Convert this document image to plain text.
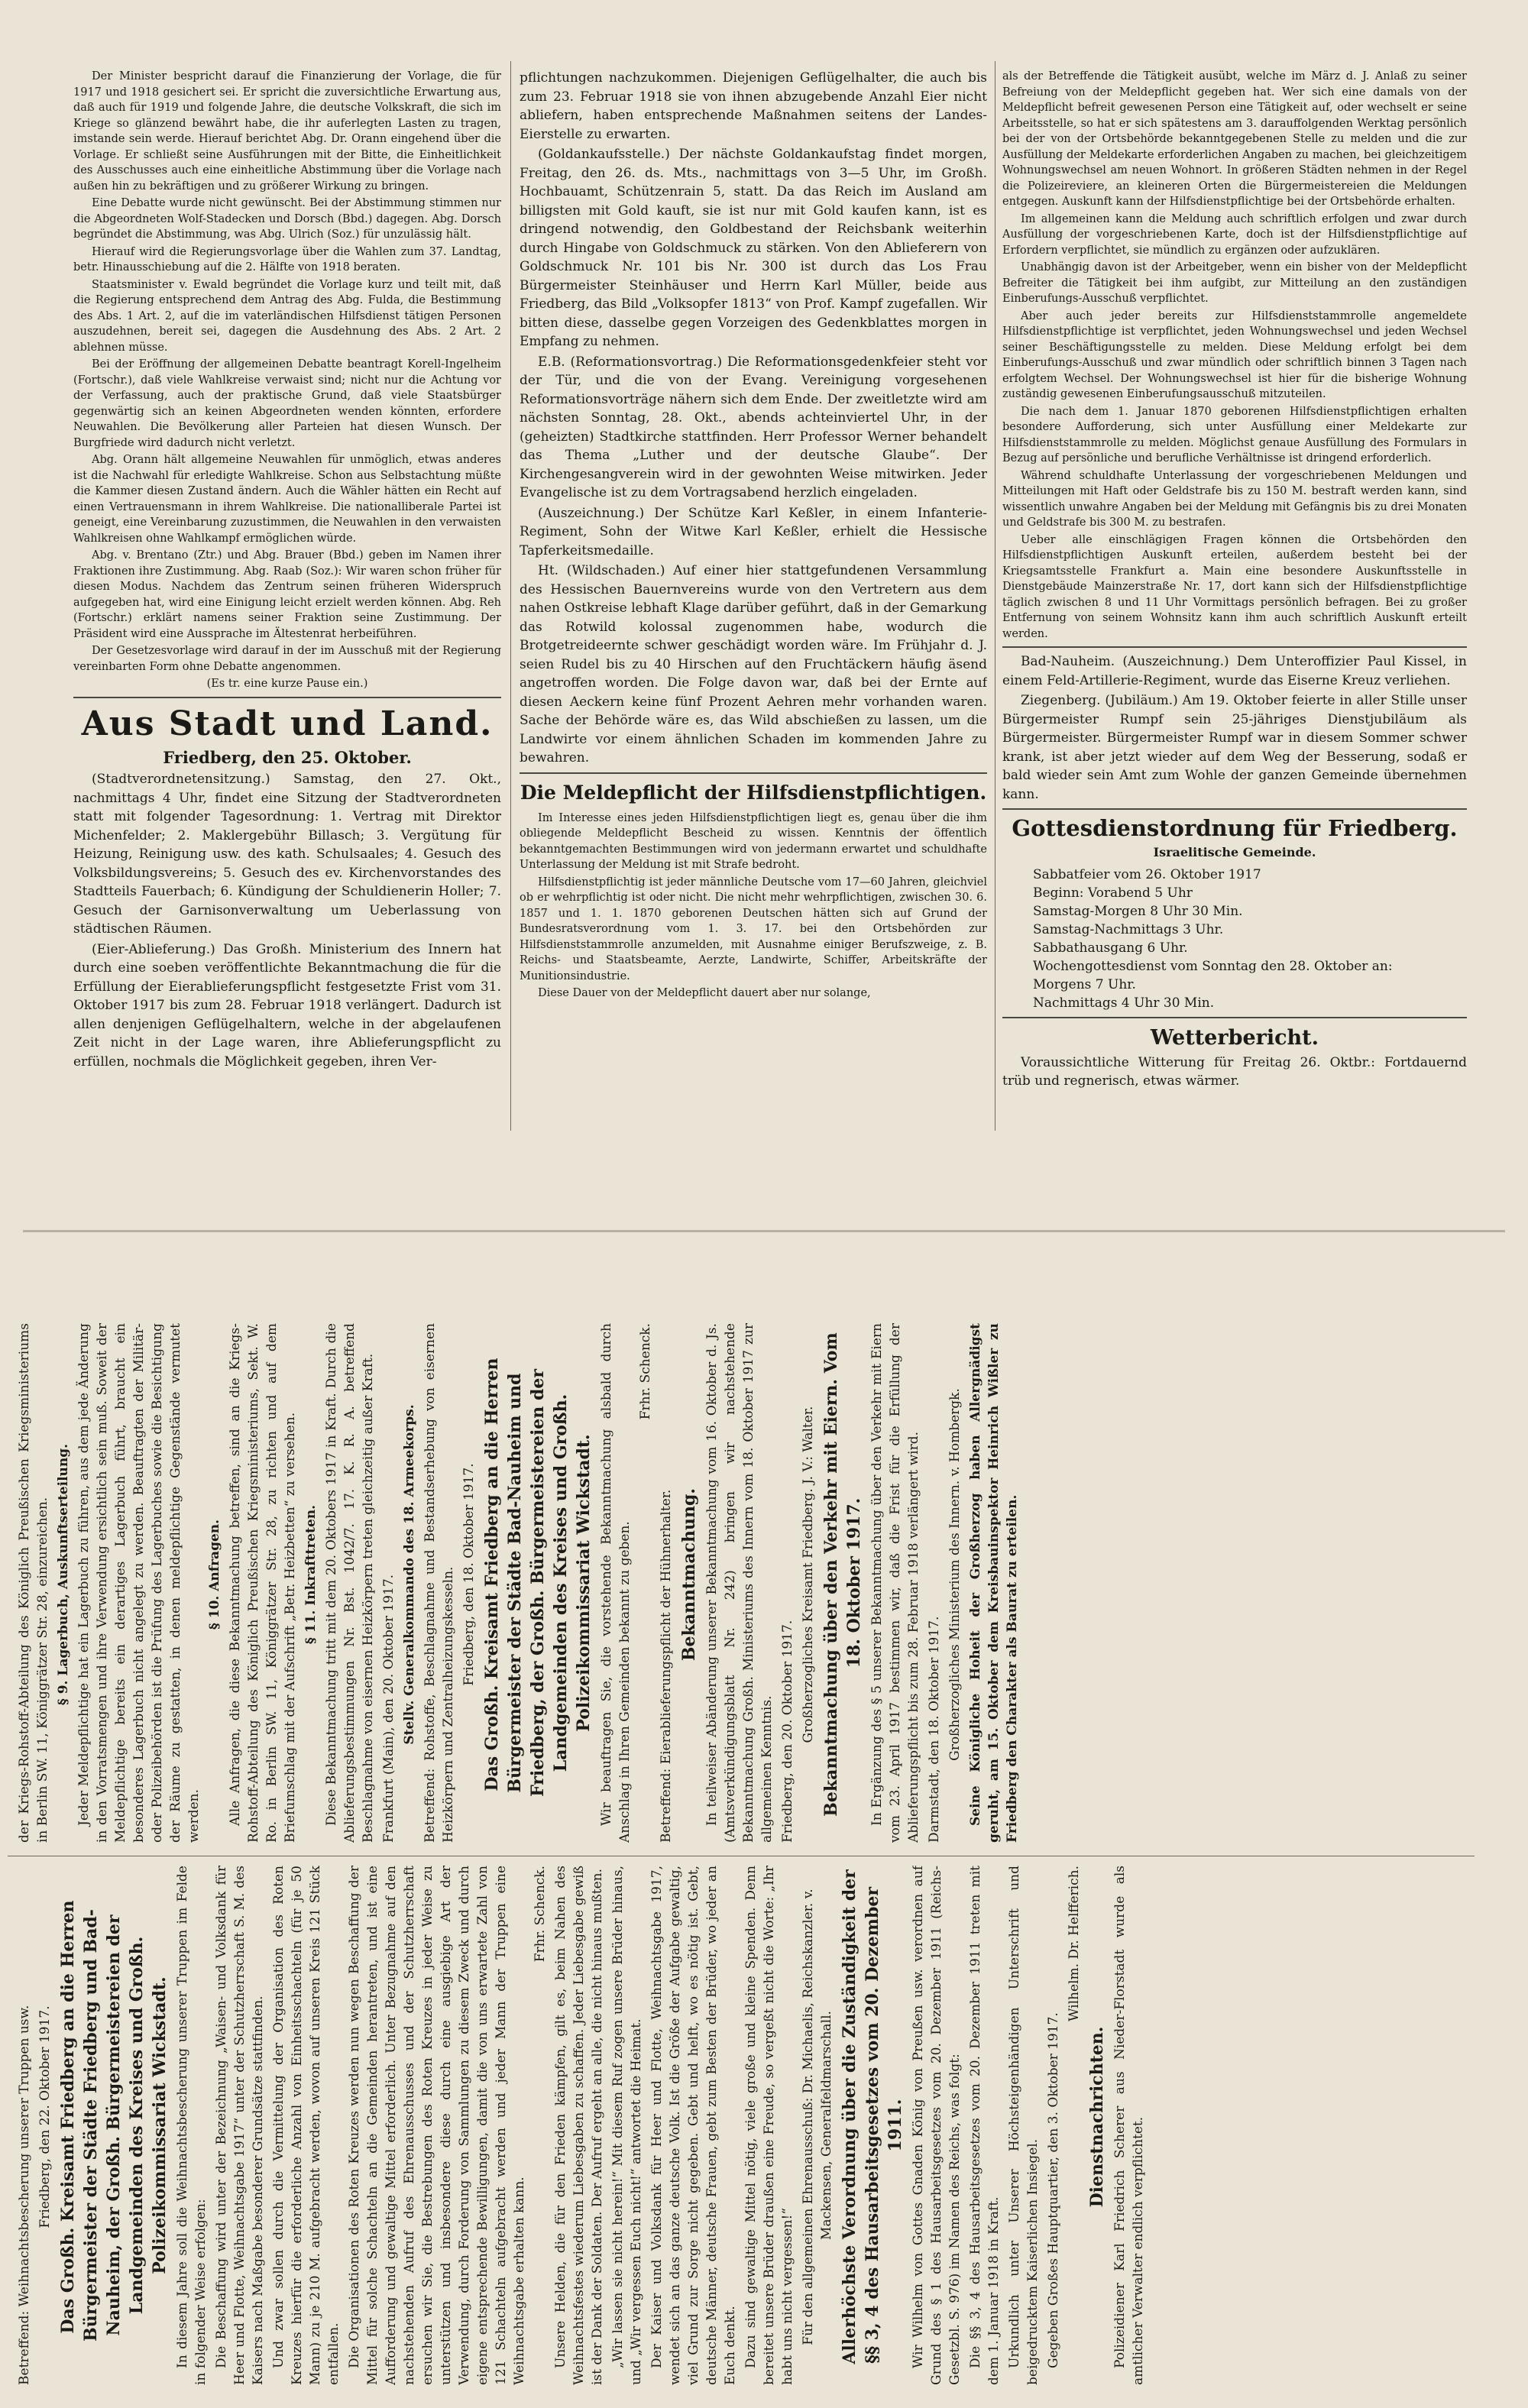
Der Minister bespricht darauf die Finanzierung der Vorlage, die für 1917 und 1918 gesichert sei. Er spricht die zuversichtliche Erwartung aus, daß auch für 1919 und folgende Jahre, die deutsche Volkskraft, die sich im Kriege so glänzend bewährt habe, die ihr auferlegten Lasten zu tragen, imstande sein werde. Hierauf berichtet Abg. Dr. Orann eingehend über die Vorlage. Er schließt seine Ausführungen mit der Bitte, die Einheitlichkeit des Ausschusses auch eine einheitliche Abstimmung über die Vorlage nach außen hin zu bekräftigen und zu größerer Wirkung zu bringen.

Eine Debatte wurde nicht gewünscht. Bei der Abstimmung stimmen nur die Abgeordneten Wolf-Stadecken und Dorsch (Bbd.) dagegen. Abg. Dorsch begründet die Abstimmung, was Abg. Ulrich (Soz.) für unzulässig hält.

Hierauf wird die Regierungsvorlage über die Wahlen zum 37. Landtag, betr. Hinausschiebung auf die 2. Hälfte von 1918 beraten.

Staatsminister v. Ewald begründet die Vorlage kurz und teilt mit, daß die Regierung entsprechend dem Antrag des Abg. Fulda, die Bestimmung des Abs. 1 Art. 2, auf die im vaterländischen Hilfsdienst tätigen Personen auszudehnen, bereit sei, dagegen die Ausdehnung des Abs. 2 Art. 2 ablehnen müsse.

Bei der Eröffnung der allgemeinen Debatte beantragt Korell-Ingelheim (Fortschr.), daß viele Wahlkreise verwaist sind; nicht nur die Achtung vor der Verfassung, auch der praktische Grund, daß viele Staatsbürger gegenwärtig sich an keinen Abgeordneten wenden könnten, erfordere Neuwahlen. Die Bevölkerung aller Parteien hat diesen Wunsch. Der Burgfriede wird dadurch nicht verletzt.

Abg. Orann hält allgemeine Neuwahlen für unmöglich, etwas anderes ist die Nachwahl für erledigte Wahlkreise. Schon aus Selbstachtung müßte die Kammer diesen Zustand ändern. Auch die Wähler hätten ein Recht auf einen Vertrauensmann in ihrem Wahlkreise. Die nationalliberale Partei ist geneigt, eine Vereinbarung zuzustimmen, die Neuwahlen in den verwaisten Wahlkreisen ohne Wahlkampf ermöglichen würde.

Abg. v. Brentano (Ztr.) und Abg. Brauer (Bbd.) geben im Namen ihrer Fraktionen ihre Zustimmung. Abg. Raab (Soz.): Wir waren schon früher für diesen Modus. Nachdem das Zentrum seinen früheren Widerspruch aufgegeben hat, wird eine Einigung leicht erzielt werden können. Abg. Reh (Fortschr.) erklärt namens seiner Fraktion seine Zustimmung. Der Präsident wird eine Aussprache im Ältestenrat herbeiführen.

Der Gesetzesvorlage wird darauf in der im Ausschuß mit der Regierung vereinbarten Form ohne Debatte angenommen.

(Es tr. eine kurze Pause ein.)

Aus Stadt und Land.
Friedberg, den 25. Oktober.

(Stadtverordnetensitzung.) Samstag, den 27. Okt., nachmittags 4 Uhr, findet eine Sitzung der Stadtverordneten statt mit folgender Tagesordnung: 1. Vertrag mit Direktor Michenfelder; 2. Maklergebühr Billasch; 3. Vergütung für Heizung, Reinigung usw. des kath. Schulsaales; 4. Gesuch des Volksbildungsvereins; 5. Gesuch des ev. Kirchenvorstandes des Stadtteils Fauerbach; 6. Kündigung der Schuldienerin Holler; 7. Gesuch der Garnisonverwaltung um Ueberlassung von städtischen Räumen.

(Eier-Ablieferung.) Das Großh. Ministerium des Innern hat durch eine soeben veröffentlichte Bekanntmachung die für die Erfüllung der Eierablieferungspflicht festgesetzte Frist vom 31. Oktober 1917 bis zum 28. Februar 1918 verlängert. Dadurch ist allen denjenigen Geflügelhaltern, welche in der abgelaufenen Zeit nicht in der Lage waren, ihre Ablieferungspflicht zu erfüllen, nochmals die Möglichkeit gegeben, ihren Ver-

pflichtungen nachzukommen. Diejenigen Geflügelhalter, die auch bis zum 23. Februar 1918 sie von ihnen abzugebende Anzahl Eier nicht abliefern, haben entsprechende Maßnahmen seitens der Landes-Eierstelle zu erwarten.

(Goldankaufsstelle.) Der nächste Goldankaufstag findet morgen, Freitag, den 26. ds. Mts., nachmittags von 3—5 Uhr, im Großh. Hochbauamt, Schützenrain 5, statt. Da das Reich im Ausland am billigsten mit Gold kauft, sie ist nur mit Gold kaufen kann, ist es dringend notwendig, den Goldbestand der Reichsbank weiterhin durch Hingabe von Goldschmuck zu stärken. Von den Ablieferern von Goldschmuck Nr. 101 bis Nr. 300 ist durch das Los Frau Bürgermeister Steinhäuser und Herrn Karl Müller, beide aus Friedberg, das Bild „Volksopfer 1813“ von Prof. Kampf zugefallen. Wir bitten diese, dasselbe gegen Vorzeigen des Gedenkblattes morgen in Empfang zu nehmen.

E.B. (Reformationsvortrag.) Die Reformationsgedenkfeier steht vor der Tür, und die von der Evang. Vereinigung vorgesehenen Reformationsvorträge nähern sich dem Ende. Der zweitletzte wird am nächsten Sonntag, 28. Okt., abends achteinviertel Uhr, in der (geheizten) Stadtkirche stattfinden. Herr Professor Werner behandelt das Thema „Luther und der deutsche Glaube“. Der Kirchengesangverein wird in der gewohnten Weise mitwirken. Jeder Evangelische ist zu dem Vortragsabend herzlich eingeladen.

(Auszeichnung.) Der Schütze Karl Keßler, in einem Infanterie-Regiment, Sohn der Witwe Karl Keßler, erhielt die Hessische Tapferkeitsmedaille.

Ht. (Wildschaden.) Auf einer hier stattgefundenen Versammlung des Hessischen Bauernvereins wurde von den Vertretern aus dem nahen Ostkreise lebhaft Klage darüber geführt, daß in der Gemarkung das Rotwild kolossal zugenommen habe, wodurch die Brotgetreideernte schwer geschädigt worden wäre. Im Frühjahr d. J. seien Rudel bis zu 40 Hirschen auf den Fruchtäckern häufig äsend angetroffen worden. Die Folge davon war, daß bei der Ernte auf diesen Aeckern keine fünf Prozent Aehren mehr vorhanden waren. Sache der Behörde wäre es, das Wild abschießen zu lassen, um die Landwirte vor einem ähnlichen Schaden im kommenden Jahre zu bewahren.

Die Meldepflicht der Hilfsdienstpflichtigen.

Im Interesse eines jeden Hilfsdienstpflichtigen liegt es, genau über die ihm obliegende Meldepflicht Bescheid zu wissen. Kenntnis der öffentlich bekanntgemachten Bestimmungen wird von jedermann erwartet und schuldhafte Unterlassung der Meldung ist mit Strafe bedroht.

Hilfsdienstpflichtig ist jeder männliche Deutsche vom 17—60 Jahren, gleichviel ob er wehrpflichtig ist oder nicht. Die nicht mehr wehrpflichtigen, zwischen 30. 6. 1857 und 1. 1. 1870 geborenen Deutschen hätten sich auf Grund der Bundesratsverordnung vom 1. 3. 17. bei den Ortsbehörden zur Hilfsdienststammrolle anzumelden, mit Ausnahme einiger Berufszweige, z. B. Reichs- und Staatsbeamte, Aerzte, Landwirte, Schiffer, Arbeitskräfte der Munitionsindustrie.

Diese Dauer von der Meldepflicht dauert aber nur solange,

als der Betreffende die Tätigkeit ausübt, welche im März d. J. Anlaß zu seiner Befreiung von der Meldepflicht gegeben hat. Wer sich eine damals von der Meldepflicht befreit gewesenen Person eine Tätigkeit auf, oder wechselt er seine Arbeitsstelle, so hat er sich spätestens am 3. darauffolgenden Werktag persönlich bei der von der Ortsbehörde bekanntgegebenen Stelle zu melden und die zur Ausfüllung der Meldekarte erforderlichen Angaben zu machen, bei gleichzeitigem Wohnungswechsel am neuen Wohnort. In größeren Städten nehmen in der Regel die Polizeireviere, an kleineren Orten die Bürgermeistereien die Meldungen entgegen. Auskunft kann der Hilfsdienstpflichtige bei der Ortsbehörde erhalten.

Im allgemeinen kann die Meldung auch schriftlich erfolgen und zwar durch Ausfüllung der vorgeschriebenen Karte, doch ist der Hilfsdienstpflichtige auf Erfordern verpflichtet, sie mündlich zu ergänzen oder aufzuklären.

Unabhängig davon ist der Arbeitgeber, wenn ein bisher von der Meldepflicht Befreiter die Tätigkeit bei ihm aufgibt, zur Mitteilung an den zuständigen Einberufungs-Ausschuß verpflichtet.

Aber auch jeder bereits zur Hilfsdienststammrolle angemeldete Hilfsdienstpflichtige ist verpflichtet, jeden Wohnungswechsel und jeden Wechsel seiner Beschäftigungsstelle zu melden. Diese Meldung erfolgt bei dem Einberufungs-Ausschuß und zwar mündlich oder schriftlich binnen 3 Tagen nach erfolgtem Wechsel. Der Wohnungswechsel ist hier für die bisherige Wohnung zuständig gewesenen Einberufungsausschuß mitzuteilen.

Die nach dem 1. Januar 1870 geborenen Hilfsdienstpflichtigen erhalten besondere Aufforderung, sich unter Ausfüllung einer Meldekarte zur Hilfsdienststammrolle zu melden. Möglichst genaue Ausfüllung des Formulars in Bezug auf persönliche und berufliche Verhältnisse ist dringend erforderlich.

Während schuldhafte Unterlassung der vorgeschriebenen Meldungen und Mitteilungen mit Haft oder Geldstrafe bis zu 150 M. bestraft werden kann, sind wissentlich unwahre Angaben bei der Meldung mit Gefängnis bis zu drei Monaten und Geldstrafe bis 300 M. zu bestrafen.

Ueber alle einschlägigen Fragen können die Ortsbehörden den Hilfsdienstpflichtigen Auskunft erteilen, außerdem besteht bei der Kriegsamtsstelle Frankfurt a. Main eine besondere Auskunftsstelle in Dienstgebäude Mainzerstraße Nr. 17, dort kann sich der Hilfsdienstpflichtige täglich zwischen 8 und 11 Uhr Vormittags persönlich befragen. Bei zu großer Entfernung von seinem Wohnsitz kann ihm auch schriftlich Auskunft erteilt werden.

Bad-Nauheim. (Auszeichnung.) Dem Unteroffizier Paul Kissel, in einem Feld-Artillerie-Regiment, wurde das Eiserne Kreuz verliehen.

Ziegenberg. (Jubiläum.) Am 19. Oktober feierte in aller Stille unser Bürgermeister Rumpf sein 25-jähriges Dienstjubiläum als Bürgermeister. Bürgermeister Rumpf war in diesem Sommer schwer krank, ist aber jetzt wieder auf dem Weg der Besserung, sodaß er bald wieder sein Amt zum Wohle der ganzen Gemeinde übernehmen kann.

Gottesdienstordnung für Friedberg.
Israelitische Gemeinde.
Sabbatfeier vom 26. Oktober 1917
Beginn: Vorabend 5 Uhr
Samstag-Morgen 8 Uhr 30 Min.
Samstag-Nachmittags 3 Uhr.
Sabbathausgang 6 Uhr.
Wochengottesdienst vom Sonntag den 28. Oktober an:
Morgens 7 Uhr.
Nachmittags 4 Uhr 30 Min.
Wetterbericht.

Voraussichtliche Witterung für Freitag 26. Oktbr.: Fortdauernd trüb und regnerisch, etwas wärmer.

Betreffend: Weihnachtsbescherung unserer Truppen usw. Friedberg, den 22. Oktober 1917. Das Großh. Kreisamt Friedberg an die Herren Bürgermeister der Städte Friedberg und Bad-Nauheim, der Großh. Bürgermeistereien der Landgemeinden des Kreises und Großh. Polizeikommissariat Wickstadt. In diesem Jahre soll die Weihnachtsbescherung unserer Truppen im Felde in folgender Weise erfolgen: Die Beschaffung wird unter der Bezeichnung „Waisen- und Volksdank für Heer und Flotte, Weihnachtsgabe 1917“ unter der Schutzherrschaft S. M. des Kaisers nach Maßgabe besonderer Grundsätze stattfinden. Und zwar sollen durch die Vermittelung der Organisation des Roten Kreuzes hierfür die erforderliche Anzahl von Einheitsschachteln (für je 50 Mann) zu je 210 M. aufgebracht werden, wovon auf unseren Kreis 121 Stück entfallen. Die Organisationen des Roten Kreuzes werden nun wegen Beschaffung der Mittel für solche Schachteln an die Gemeinden herantreten, und ist eine Aufforderung und gewaltige Mittel erforderlich. Unter Bezugnahme auf den nachstehenden Aufruf des Ehrenausschusses und der Schutzherrschaft ersuchen wir Sie, die Bestrebungen des Roten Kreuzes in jeder Weise zu unterstützen und insbesondere diese durch eine ausgiebige Art der Verwendung, durch Forderung von Sammlungen zu diesem Zweck und durch eigene entsprechende Bewilligungen, damit die von uns erwartete Zahl von 121 Schachteln aufgebracht werden und jeder Mann der Truppen eine Weihnachtsgabe erhalten kann.

Frhr. Schenck. Unsere Helden, die für den Frieden kämpfen, gilt es, beim Nahen des Weihnachtsfestes wiederum Liebesgaben zu schaffen. Jeder Liebesgabe gewiß ist der Dank der Soldaten. Der Aufruf ergeht an alle, die nicht hinaus mußten. „Wir lassen sie nicht herein!“ Mit diesem Ruf zogen unsere Brüder hinaus, und „Wir vergessen Euch nicht!“ antwortet die Heimat. Der Kaiser und Volksdank für Heer und Flotte, Weihnachtsgabe 1917, wendet sich an das ganze deutsche Volk. Ist die Größe der Aufgabe gewaltig, viel Grund zur Sorge nicht gegeben. Gebt und helft, wo es nötig ist. Gebt, deutsche Männer, deutsche Frauen, gebt zum Besten der Brüder, wo jeder an Euch denkt. Dazu sind gewaltige Mittel nötig, viele große und kleine Spenden. Denn bereitet unsere Brüder draußen eine Freude, so vergeßt nicht die Worte: „Ihr habt uns nicht vergessen!“ Für den allgemeinen Ehrenausschuß: Dr. Michaelis, Reichskanzler. v. Mackensen, Generalfeldmarschall. Allerhöchste Verordnung über die Zuständigkeit der §§ 3, 4 des Hausarbeitsgesetzes vom 20. Dezember 1911. Wir Wilhelm von Gottes Gnaden König von Preußen usw. verordnen auf Grund des § 1 des Hausarbeitsgesetzes vom 20. Dezember 1911 (Reichs-Gesetzbl. S. 976) im Namen des Reichs, was folgt: Die §§ 3, 4 des Hausarbeitsgesetzes vom 20. Dezember 1911 treten mit dem 1. Januar 1918 in Kraft. Urkundlich unter Unserer Höchsteigenhändigen Unterschrift und beigedrucktem Kaiserlichen Insiegel. Gegeben Großes Hauptquartier, den 3. Oktober 1917.

Wilhelm. Dr. Helfferich.

Dienstnachrichten. Polizeidiener Karl Friedrich Scherer aus Nieder-Florstadt wurde als amtlicher Verwalter endlich verpflichtet.

der Kriegs-Rohstoff-Abteilung des Königlich Preußischen Kriegsministeriums in Berlin SW. 11, Königgrätzer Str. 28, einzureichen. § 9. Lagerbuch, Auskunftserteilung. Jeder Meldepflichtige hat ein Lagerbuch zu führen, aus dem jede Änderung in den Vorratsmengen und ihre Verwendung ersichtlich sein muß. Soweit der Meldepflichtige bereits ein derartiges Lagerbuch führt, braucht ein besonderes Lagerbuch nicht angelegt zu werden. Beauftragten der Militär- oder Polizeibehörden ist die Prüfung des Lagerbuches sowie die Besichtigung der Räume zu gestatten, in denen meldepflichtige Gegenstände vermutet werden.

§ 10. Anfragen. Alle Anfragen, die diese Bekanntmachung betreffen, sind an die Kriegs-Rohstoff-Abteilung des Königlich Preußischen Kriegsministeriums, Sekt. W. Ro. in Berlin SW. 11, Königgrätzer Str. 28, zu richten und auf dem Briefumschlag mit der Aufschrift „Betr. Heizbetten“ zu versehen. § 11. Inkrafttreten. Diese Bekanntmachung tritt mit dem 20. Oktobers 1917 in Kraft. Durch die Ablieferungsbestimmungen Nr. Bst. 1042/7. 17. K. R. A. betreffend Beschlagnahme von eisernen Heizkörpern treten gleichzeitig außer Kraft. Frankfurt (Main), den 20. Oktober 1917. Stellv. Generalkommando des 18. Armeekorps. Betreffend: Rohstoffe, Beschlagnahme und Bestandserhebung von eisernen Heizkörpern und Zentralheizungskesseln. Friedberg, den 18. Oktober 1917. Das Großh. Kreisamt Friedberg an die Herren Bürgermeister der Städte Bad-Nauheim und Friedberg, der Großh. Bürgermeistereien der Landgemeinden des Kreises und Großh. Polizeikommissariat Wickstadt. Wir beauftragen Sie, die vorstehende Bekanntmachung alsbald durch Anschlag in Ihren Gemeinden bekannt zu geben.

Frhr. Schenck.

Betreffend: Eierablieferungspflicht der Hühnerhalter. Bekanntmachung. In teilweiser Abänderung unserer Bekanntmachung vom 16. Oktober d. Js. (Amtsverkündigungsblatt Nr. 242) bringen wir nachstehende Bekanntmachung Großh. Ministeriums des Innern vom 18. Oktober 1917 zur allgemeinen Kenntnis. Friedberg, den 20. Oktober 1917. Großherzogliches Kreisamt Friedberg. J. V.: Walter. Bekanntmachung über den Verkehr mit Eiern. Vom 18. Oktober 1917. In Ergänzung des § 5 unserer Bekanntmachung über den Verkehr mit Eiern vom 23. April 1917 bestimmen wir, daß die Frist für die Erfüllung der Ablieferungspflicht bis zum 28. Februar 1918 verlängert wird. Darmstadt, den 18. Oktober 1917. Großherzogliches Ministerium des Innern. v. Hombergk. Seine Königliche Hoheit der Großherzog haben Allergnädigst geruht, am 15. Oktober dem Kreisbauinspektor Heinrich Wißler zu Friedberg den Charakter als Baurat zu erteilen.
